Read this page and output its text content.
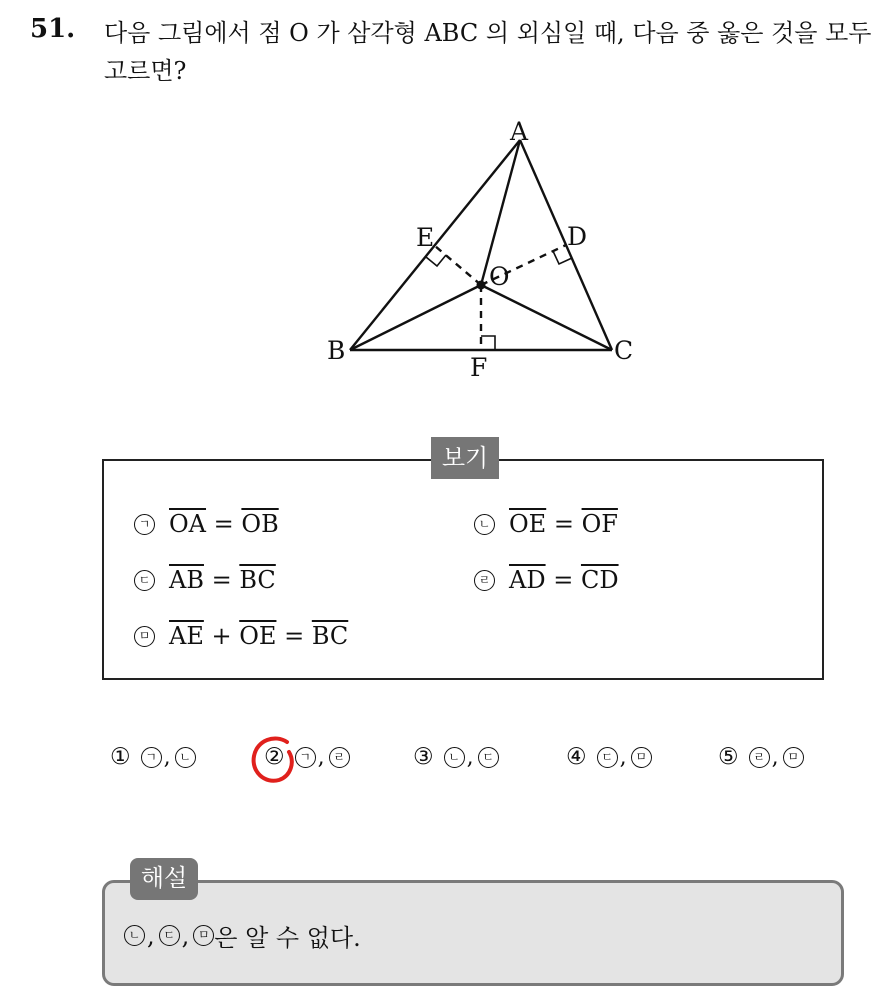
51. 다음 그림에서 점 O 가 삼각형 ABC 의 외심일 때, 다음 중 옳은 것을 모두 고르면?
A
B	C
D
E
F
O
보기
ㄱ $\overline{OA} = \overline{OB}$	ㄴ $\overline{OE} = \overline{OF}$
ㄷ $\overline{AB} = \overline{BC}$	ㄹ $\overline{AD} = \overline{CD}$
ㅁ $\overline{AE} + \overline{OE} = \overline{BC}$
①	ㄱ , ㄴ	②	ㄱ , ㄹ	③	ㄴ , ㄷ	④	ㄷ , ㅁ	⑤	ㄹ , ㅁ
해설
ㄴ , ㄷ , ㅁ 은 알 수 없다.
